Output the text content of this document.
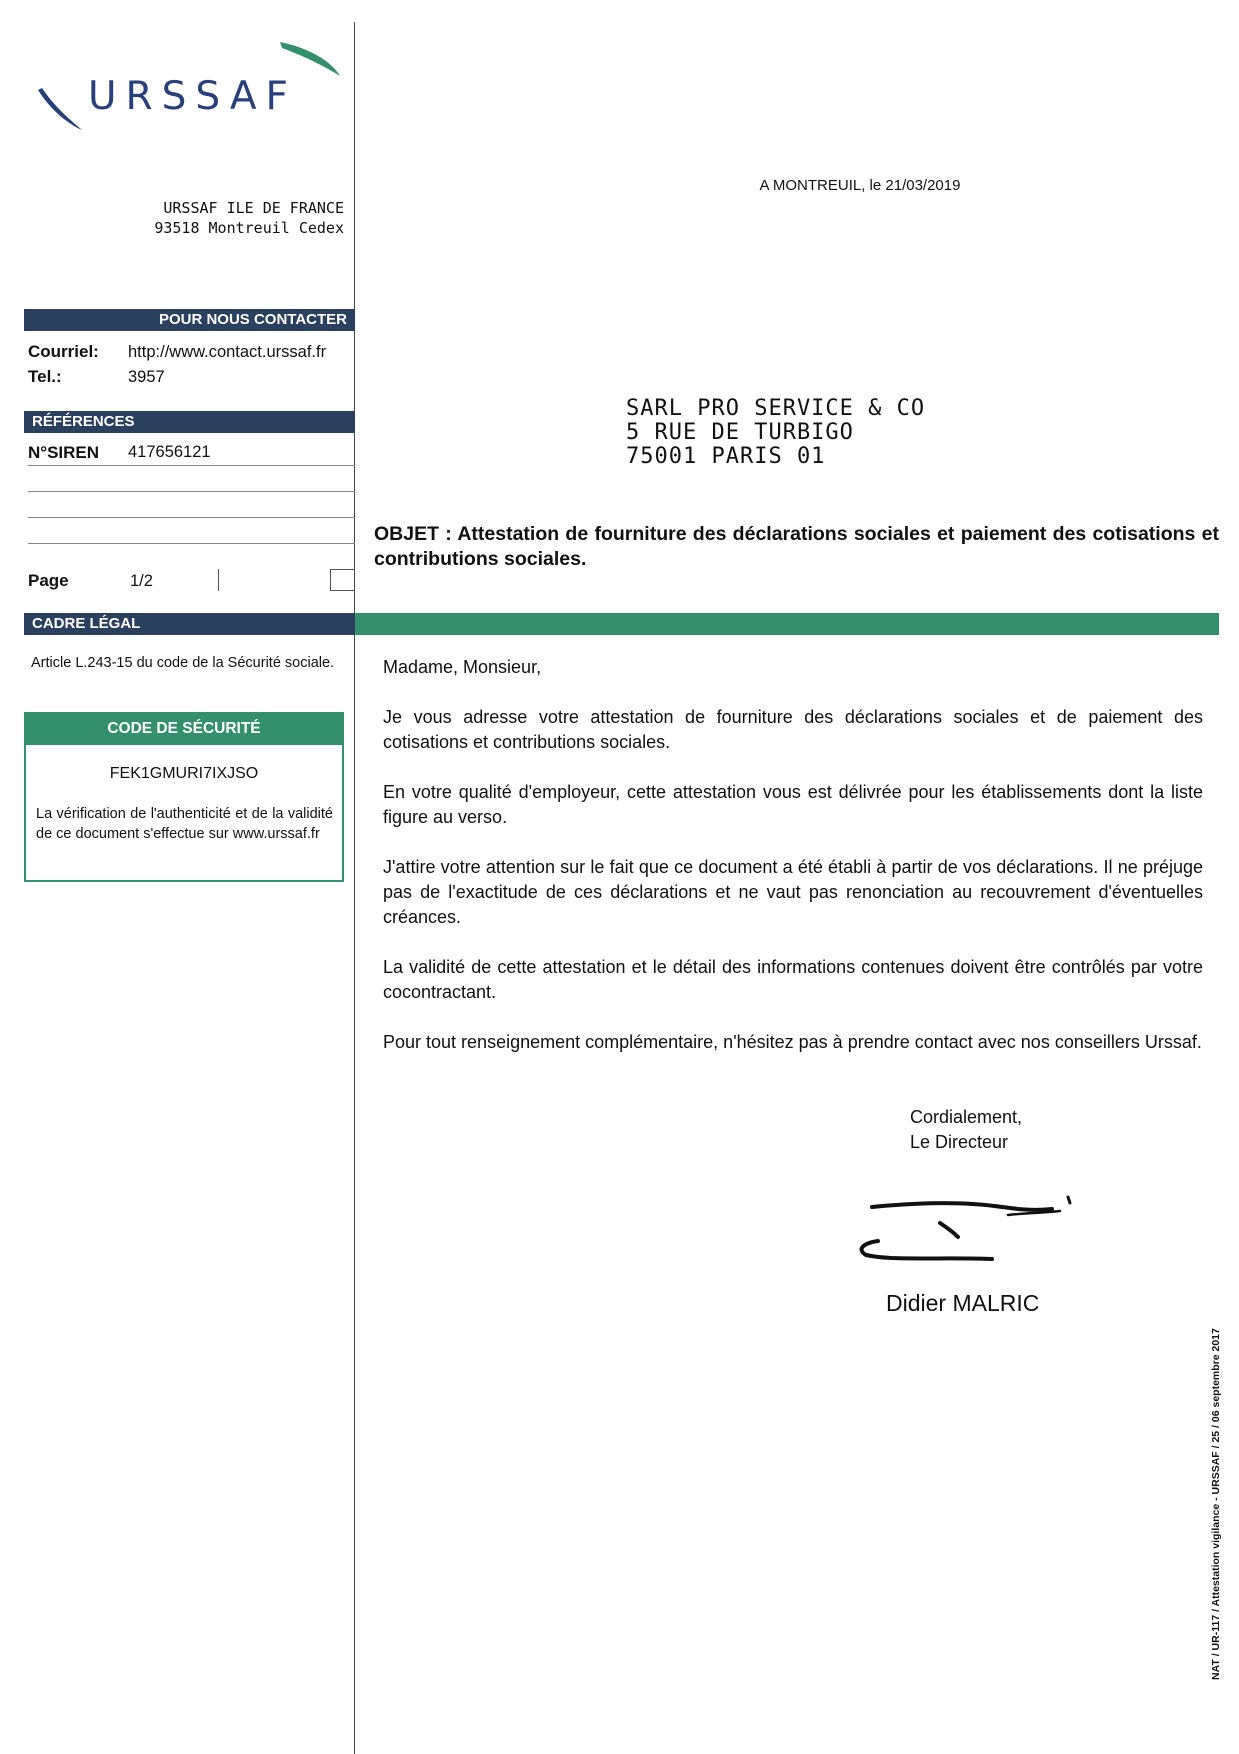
URSSAF
URSSAF ILE DE FRANCE
93518 Montreuil Cedex
A MONTREUIL, le 21/03/2019
POUR NOUS CONTACTER
Courriel: http://www.contact.urssaf.fr
Tel.:	3957
RÉFÉRENCES
N°SIREN 417656121
Page	1/2
CADRE LÉGAL
Article L.243-15 du code de la Sécurité sociale.
CODE DE SÉCURITÉ
FEK1GMURI7IXJSO
La vérification de l'authenticité et de la validité de ce document s'effectue sur www.urssaf.fr
SARL PRO SERVICE & CO
5 RUE DE TURBIGO
75001 PARIS 01
OBJET : Attestation de fourniture des déclarations sociales et paiement des cotisations et contributions sociales.

Madame, Monsieur,

Je vous adresse votre attestation de fourniture des déclarations sociales et de paiement des cotisations et contributions sociales.

En votre qualité d'employeur, cette attestation vous est délivrée pour les établissements dont la liste figure au verso.

J'attire votre attention sur le fait que ce document a été établi à partir de vos déclarations. Il ne préjuge pas de l'exactitude de ces déclarations et ne vaut pas renonciation au recouvrement d'éventuelles créances.

La validité de cette attestation et le détail des informations contenues doivent être contrôlés par votre cocontractant.

Pour tout renseignement complémentaire, n'hésitez pas à prendre contact avec nos conseillers Urssaf.

Cordialement,
Le Directeur
Didier MALRIC
NAT / UR-117 / Attestation vigilance - URSSAF / 25 / 06 septembre 2017
